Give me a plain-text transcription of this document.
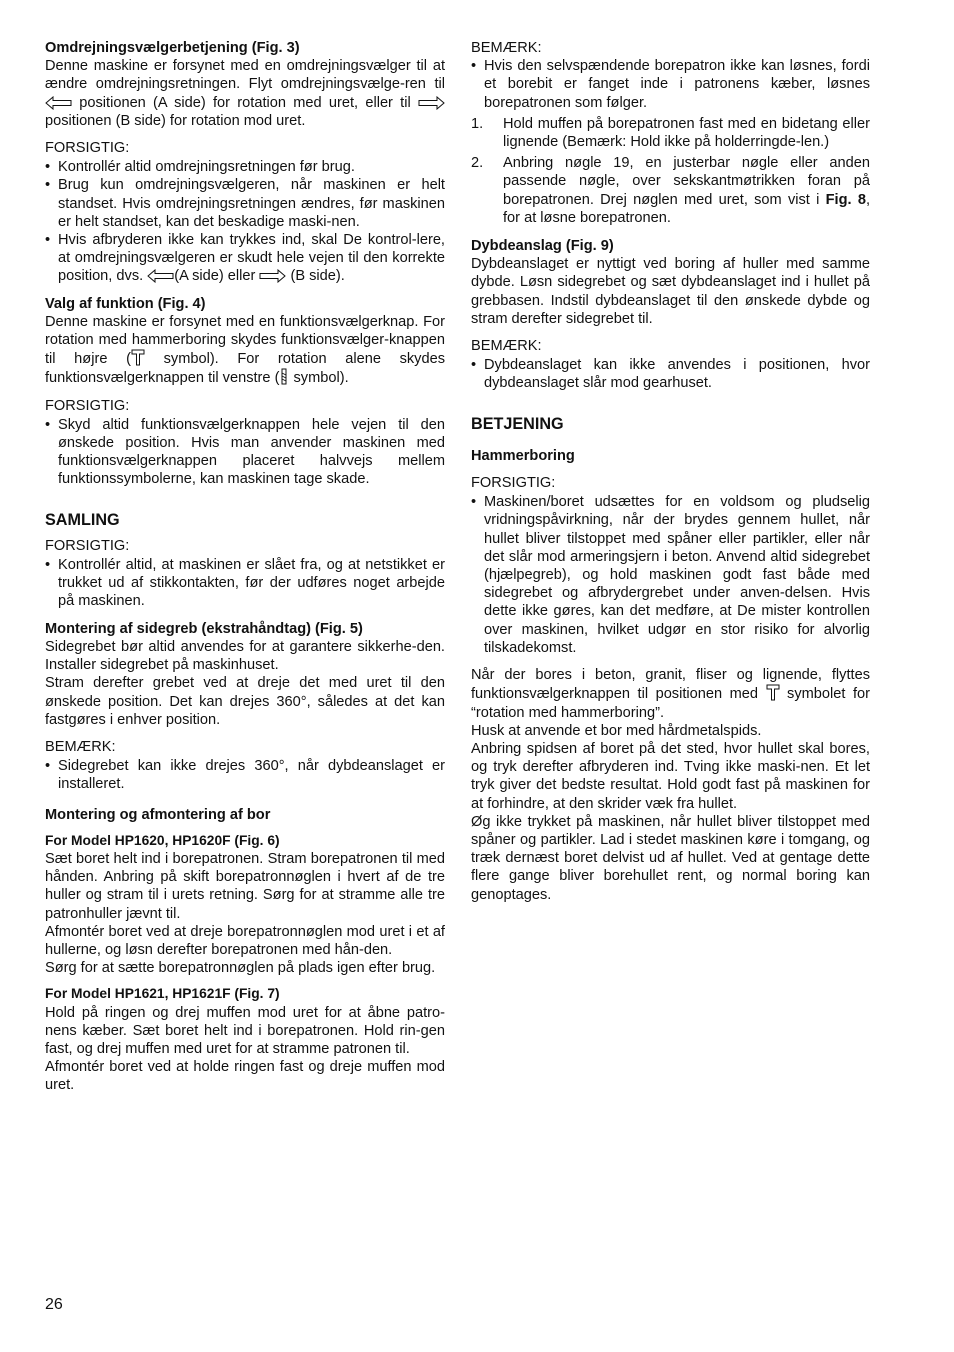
Omdrejningsvælgerbetjening (Fig. 3)

Denne maskine er forsynet med en omdrejningsvælger til at ændre omdrejningsretningen. Flyt omdrejningsvælge-ren til  positionen (A side) for rotation med uret, eller til  positionen (B side) for rotation mod uret.

FORSIGTIG:
• Kontrollér altid omdrejningsretningen før brug.
• Brug kun omdrejningsvælgeren, når maskinen er helt standset. Hvis omdrejningsretningen ændres, før maskinen er helt standset, kan det beskadige maski-nen.
• Hvis afbryderen ikke kan trykkes ind, skal De kontrol-lere, at omdrejningsvælgeren er skudt hele vejen til den korrekte position, dvs. (A side) eller (B side).
Valg af funktion (Fig. 4)

Denne maskine er forsynet med en funktionsvælgerknap. For rotation med hammerboring skydes funktionsvælger-knappen til højre ( symbol). For rotation alene skydes funktionsvælgerknappen til venstre ( symbol).

FORSIGTIG:
• Skyd altid funktionsvælgerknappen hele vejen til den ønskede position. Hvis man anvender maskinen med funktionsvælgerknappen placeret halvvejs mellem funktionssymbolerne, kan maskinen tage skade.
SAMLING
FORSIGTIG:
• Kontrollér altid, at maskinen er slået fra, og at netstikket er trukket ud af stikkontakten, før der udføres noget arbejde på maskinen.
Montering af sidegreb (ekstrahåndtag) (Fig. 5)

Sidegrebet bør altid anvendes for at garantere sikkerhe-den. Installer sidegrebet på maskinhuset.

Stram derefter grebet ved at dreje det med uret til den ønskede position. Det kan drejes 360°, således at det kan fastgøres i enhver position.

BEMÆRK:
• Sidegrebet kan ikke drejes 360°, når dybdeanslaget er installeret.
Montering og afmontering af bor
For Model HP1620, HP1620F (Fig. 6)

Sæt boret helt ind i borepatronen. Stram borepatronen til med hånden. Anbring på skift borepatronnøglen i hvert af de tre huller og stram til i urets retning. Sørg for at stramme alle tre patronhuller jævnt til.

Afmontér boret ved at dreje borepatronnøglen mod uret i et af hullerne, og løsn derefter borepatronen med hån-den.

Sørg for at sætte borepatronnøglen på plads igen efter brug.

For Model HP1621, HP1621F (Fig. 7)

Hold på ringen og drej muffen mod uret for at åbne patro-nens kæber. Sæt boret helt ind i borepatronen. Hold rin-gen fast, og drej muffen med uret for at stramme patronen til.

Afmontér boret ved at holde ringen fast og dreje muffen mod uret.

BEMÆRK:
• Hvis den selvspændende borepatron ikke kan løsnes, fordi et borebit er fanget inde i patronens kæber, løsnes borepatronen som følger.
1. Hold muffen på borepatronen fast med en bidetang eller lignende (Bemærk: Hold ikke på holderringde-len.)
2. Anbring nøgle 19, en justerbar nøgle eller anden passende nøgle, over sekskantmøtrikken foran på borepatronen. Drej nøglen med uret, som vist i Fig. 8, for at løsne borepatronen.
Dybdeanslag (Fig. 9)

Dybdeanslaget er nyttigt ved boring af huller med samme dybde. Løsn sidegrebet og sæt dybdeanslaget ind i hullet på grebbasen. Indstil dybdeanslaget til den ønskede dybde og stram derefter sidegrebet til.

BEMÆRK:
• Dybdeanslaget kan ikke anvendes i positionen, hvor dybdeanslaget slår mod gearhuset.
BETJENING
Hammerboring
FORSIGTIG:
• Maskinen/boret udsættes for en voldsom og pludselig vridningspåvirkning, når der brydes gennem hullet, når hullet bliver tilstoppet med spåner eller partikler, eller når det slår mod armeringsjern i beton. Anvend altid sidegrebet (hjælpegreb), og hold maskinen godt fast både med sidegrebet og afbrydergrebet under anven-delsen. Hvis dette ikke gøres, kan det medføre, at De mister kontrollen over maskinen, hvilket udgør en stor risiko for alvorlig tilskadekomst.

Når der bores i beton, granit, fliser og lignende, flyttes funktionsvælgerknappen til positionen med symbolet for “rotation med hammerboring”.

Husk at anvende et bor med hårdmetalspids.

Anbring spidsen af boret på det sted, hvor hullet skal bores, og tryk derefter afbryderen ind. Tving ikke maski-nen. Et let tryk giver det bedste resultat. Hold godt fast på maskinen for at forhindre, at den skrider væk fra hullet.

Øg ikke trykket på maskinen, når hullet bliver tilstoppet med spåner og partikler. Lad i stedet maskinen køre i tomgang, og træk dernæst boret delvist ud af hullet. Ved at gentage dette flere gange bliver borehullet rent, og normal boring kan genoptages.

26
